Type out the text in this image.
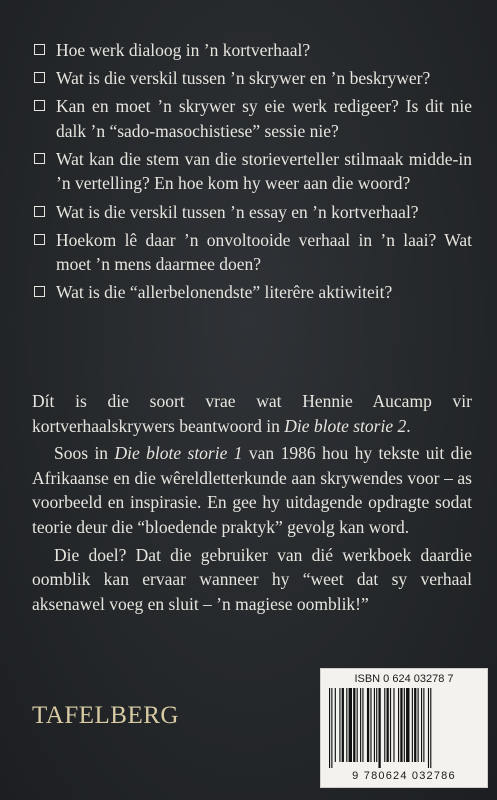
Hoe werk dialoog in ’n kortverhaal?
Wat is die verskil tussen ’n skrywer en ’n beskrywer?
Kan en moet ’n skrywer sy eie werk redigeer? Is dit nie dalk ’n “sado-masochistiese” sessie nie?
Wat kan die stem van die storieverteller stilmaak midde-in ’n vertelling? En hoe kom hy weer aan die woord?
Wat is die verskil tussen ’n essay en ’n kortverhaal?
Hoekom lê daar ’n onvoltooide verhaal in ’n laai? Wat moet ’n mens daarmee doen?
Wat is die “allerbelonendste” literêre aktiwiteit?

Dít is die soort vrae wat Hennie Aucamp vir kortverhaalskrywers beantwoord in Die blote storie 2.

Soos in Die blote storie 1 van 1986 hou hy tekste uit die Afrikaanse en die wêreldletterkunde aan skrywendes voor – as voorbeeld en inspirasie. En gee hy uitdagende opdragte sodat teorie deur die “bloedende praktyk” gevolg kan word.

Die doel? Dat die gebruiker van dié werkboek daardie oomblik kan ervaar wanneer hy “weet dat sy verhaal aksenawel voeg en sluit – ’n magiese oomblik!”

TAFELBERG
ISBN 0 624 03278 7
9 780624 032786
